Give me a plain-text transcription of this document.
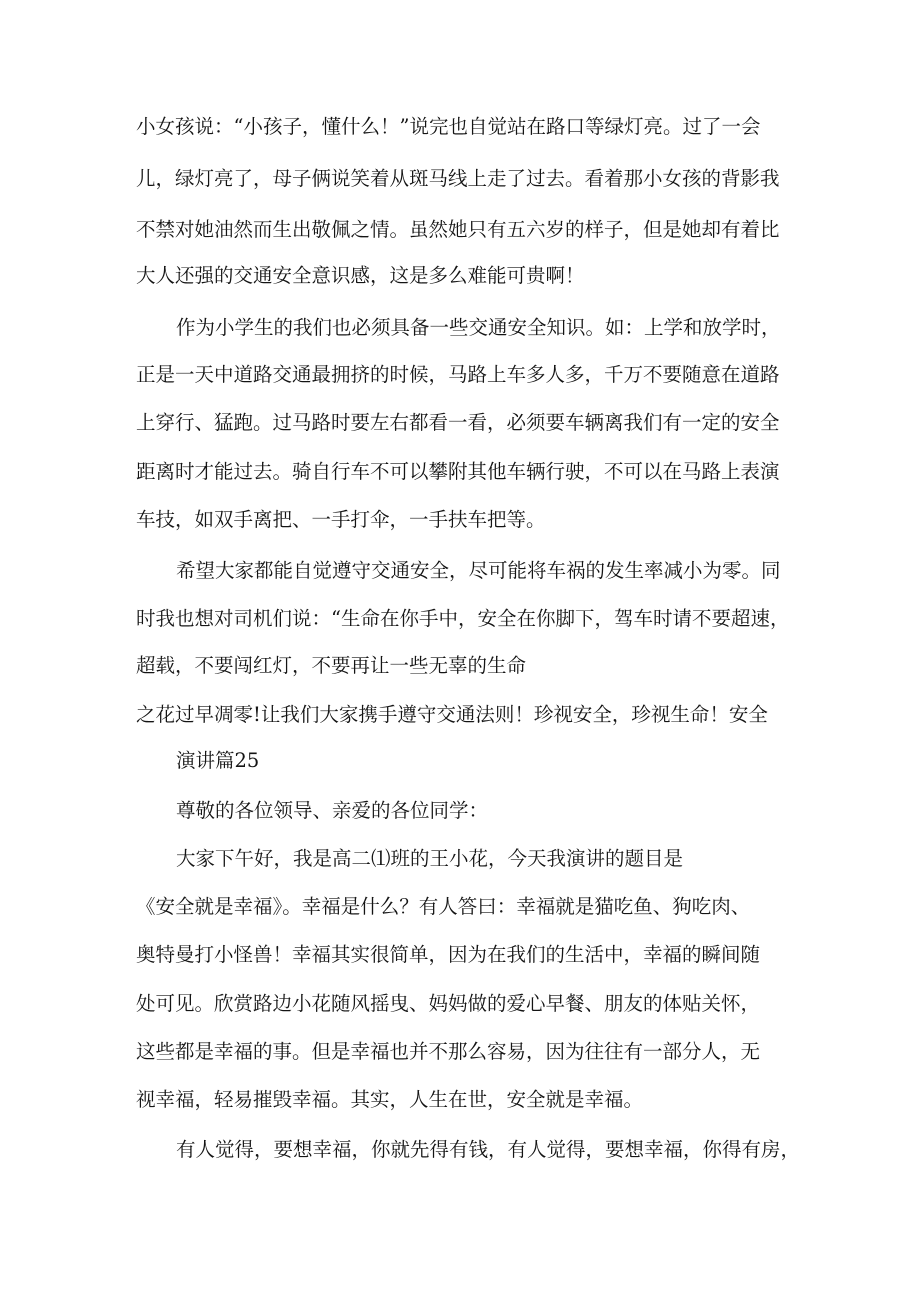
小女孩说：“小孩子，懂什么！”说完也自觉站在路口等绿灯亮。过了一会

儿，绿灯亮了，母子俩说笑着从斑马线上走了过去。看着那小女孩的背影我

不禁对她油然而生出敬佩之情。虽然她只有五六岁的样子，但是她却有着比

大人还强的交通安全意识感，这是多么难能可贵啊！

作为小学生的我们也必须具备一些交通安全知识。如：上学和放学时，

正是一天中道路交通最拥挤的时候，马路上车多人多，千万不要随意在道路

上穿行、猛跑。过马路时要左右都看一看，必须要车辆离我们有一定的安全

距离时才能过去。骑自行车不可以攀附其他车辆行驶，不可以在马路上表演

车技，如双手离把、一手打伞，一手扶车把等。

希望大家都能自觉遵守交通安全，尽可能将车祸的发生率减小为零。同

时我也想对司机们说：“生命在你手中，安全在你脚下，驾车时请不要超速，

超载，不要闯红灯，不要再让一些无辜的生命

之花过早凋零!让我们大家携手遵守交通法则！珍视安全，珍视生命！安全

演讲篇25

尊敬的各位领导、亲爱的各位同学：

大家下午好，我是高二⑴班的王小花，今天我演讲的题目是

《安全就是幸福》。幸福是什么？有人答曰：幸福就是猫吃鱼、狗吃肉、

奥特曼打小怪兽！幸福其实很简单，因为在我们的生活中，幸福的瞬间随

处可见。欣赏路边小花随风摇曳、妈妈做的爱心早餐、朋友的体贴关怀，

这些都是幸福的事。但是幸福也并不那么容易，因为往往有一部分人，无

视幸福，轻易摧毁幸福。其实，人生在世，安全就是幸福。

有人觉得，要想幸福，你就先得有钱，有人觉得，要想幸福，你得有房，
